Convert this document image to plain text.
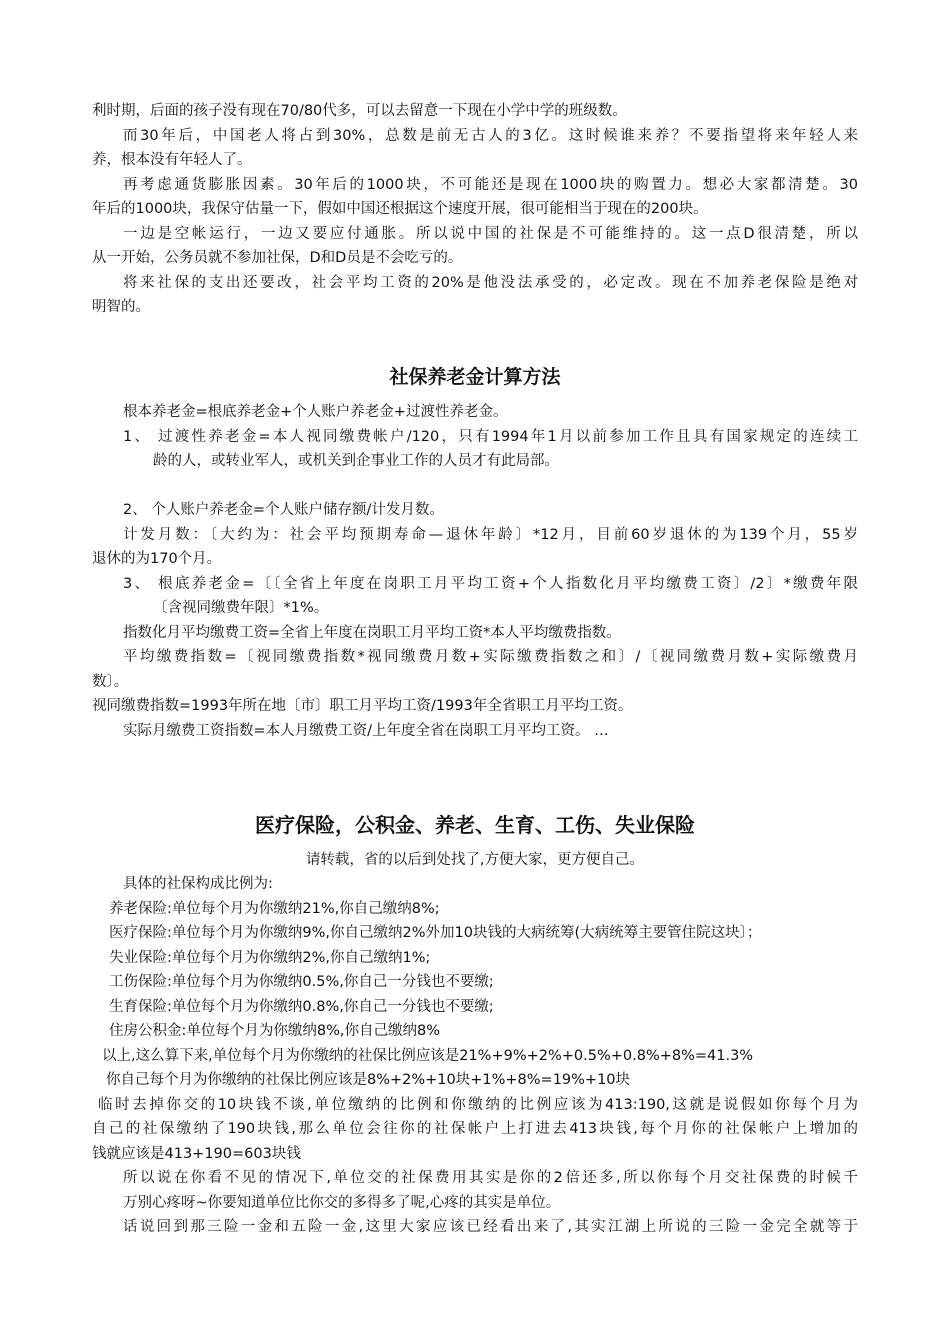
利时期，后面的孩子没有现在70/80代多，可以去留意一下现在小学中学的班级数。
而30年后，中国老人将占到30%，总数是前无古人的3亿。这时候谁来养？不要指望将来年轻人来
养，根本没有年轻人了。
再考虑通货膨胀因素。30年后的1000块，不可能还是现在1000块的购置力。想必大家都清楚。30
年后的1000块，我保守估量一下，假如中国还根据这个速度开展，很可能相当于现在的200块。
一边是空帐运行，一边又要应付通胀。所以说中国的社保是不可能维持的。这一点D很清楚，所以
从一开始，公务员就不参加社保，D和D员是不会吃亏的。
将来社保的支出还要改，社会平均工资的20%是他没法承受的，必定改。现在不加养老保险是绝对
明智的。
社保养老金计算方法
根本养老金=根底养老金+个人账户养老金+过渡性养老金。
1、 过渡性养老金=本人视同缴费帐户/120，只有1994年1月以前参加工作且具有国家规定的连续工
龄的人，或转业军人，或机关到企事业工作的人员才有此局部。
2、 个人账户养老金=个人账户储存额/计发月数。
计发月数：〔大约为：社会平均预期寿命—退休年龄〕*12月，目前60岁退休的为139个月，55岁
退休的为170个月。
3、 根底养老金=〔〔全省上年度在岗职工月平均工资+个人指数化月平均缴费工资〕/2〕*缴费年限
〔含视同缴费年限〕*1%。
指数化月平均缴费工资=全省上年度在岗职工月平均工资*本人平均缴费指数。
平均缴费指数=〔视同缴费指数*视同缴费月数+实际缴费指数之和〕/〔视同缴费月数+实际缴费月
数〕。
视同缴费指数=1993年所在地〔市〕职工月平均工资/1993年全省职工月平均工资。
实际月缴费工资指数=本人月缴费工资/上年度全省在岗职工月平均工资。 …
医疗保险，公积金、养老、生育、工伤、失业保险
请转载，省的以后到处找了,方便大家，更方便自己。
具体的社保构成比例为:
养老保险:单位每个月为你缴纳21%,你自己缴纳8%;
医疗保险:单位每个月为你缴纳9%,你自己缴纳2%外加10块钱的大病统筹(大病统筹主要管住院这块〕；
失业保险:单位每个月为你缴纳2%,你自己缴纳1%;
工伤保险:单位每个月为你缴纳0.5%,你自己一分钱也不要缴;
生育保险:单位每个月为你缴纳0.8%,你自己一分钱也不要缴;
住房公积金:单位每个月为你缴纳8%,你自己缴纳8%
以上,这么算下来,单位每个月为你缴纳的社保比例应该是21%+9%+2%+0.5%+0.8%+8%=41.3%
你自己每个月为你缴纳的社保比例应该是8%+2%+10块+1%+8%=19%+10块
临时去掉你交的10块钱不谈,单位缴纳的比例和你缴纳的比例应该为413:190,这就是说假如你每个月为
自己的社保缴纳了190块钱,那么单位会往你的社保帐户上打进去413块钱,每个月你的社保帐户上增加的
钱就应该是413+190=603块钱
所以说在你看不见的情况下,单位交的社保费用其实是你的2倍还多,所以你每个月交社保费的时候千
万别心疼呀~你要知道单位比你交的多得多了呢,心疼的其实是单位。
话说回到那三险一金和五险一金,这里大家应该已经看出来了,其实江湖上所说的三险一金完全就等于
